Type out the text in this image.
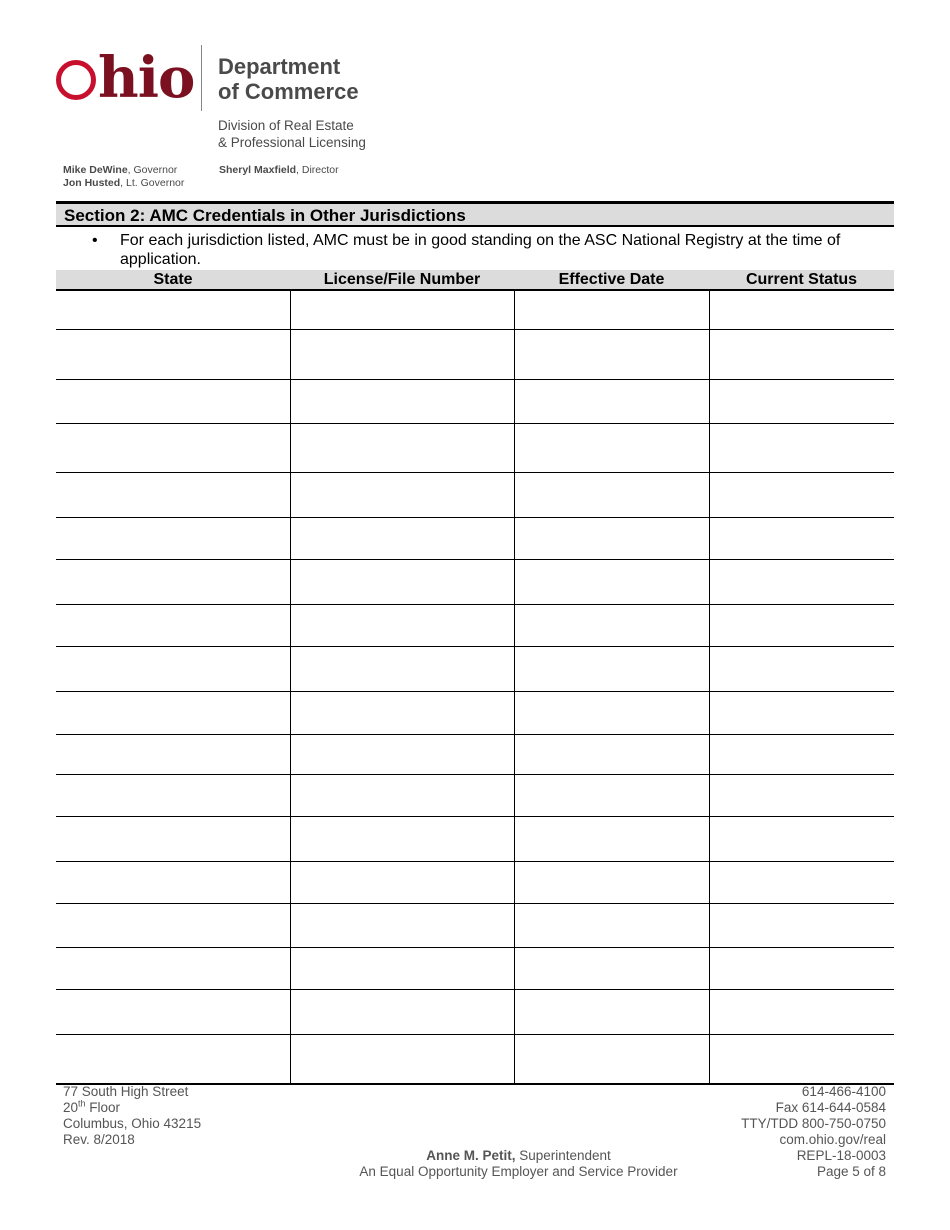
hio Department
of Commerce
Division of Real Estate
& Professional Licensing
Mike DeWine, Governor
Jon Husted, Lt. Governor
Sheryl Maxfield, Director
Section 2: AMC Credentials in Other Jurisdictions
• For each jurisdiction listed, AMC must be in good standing on the ASC National Registry at the time of application.
State	License/File Number	Effective Date	Current Status

77 South High Street
20th Floor
Columbus, Ohio 43215
Rev. 8/2018
Anne M. Petit, Superintendent
An Equal Opportunity Employer and Service Provider
614-466-4100
Fax 614-644-0584
TTY/TDD 800-750-0750
com.ohio.gov/real
REPL-18-0003
Page 5 of 8
